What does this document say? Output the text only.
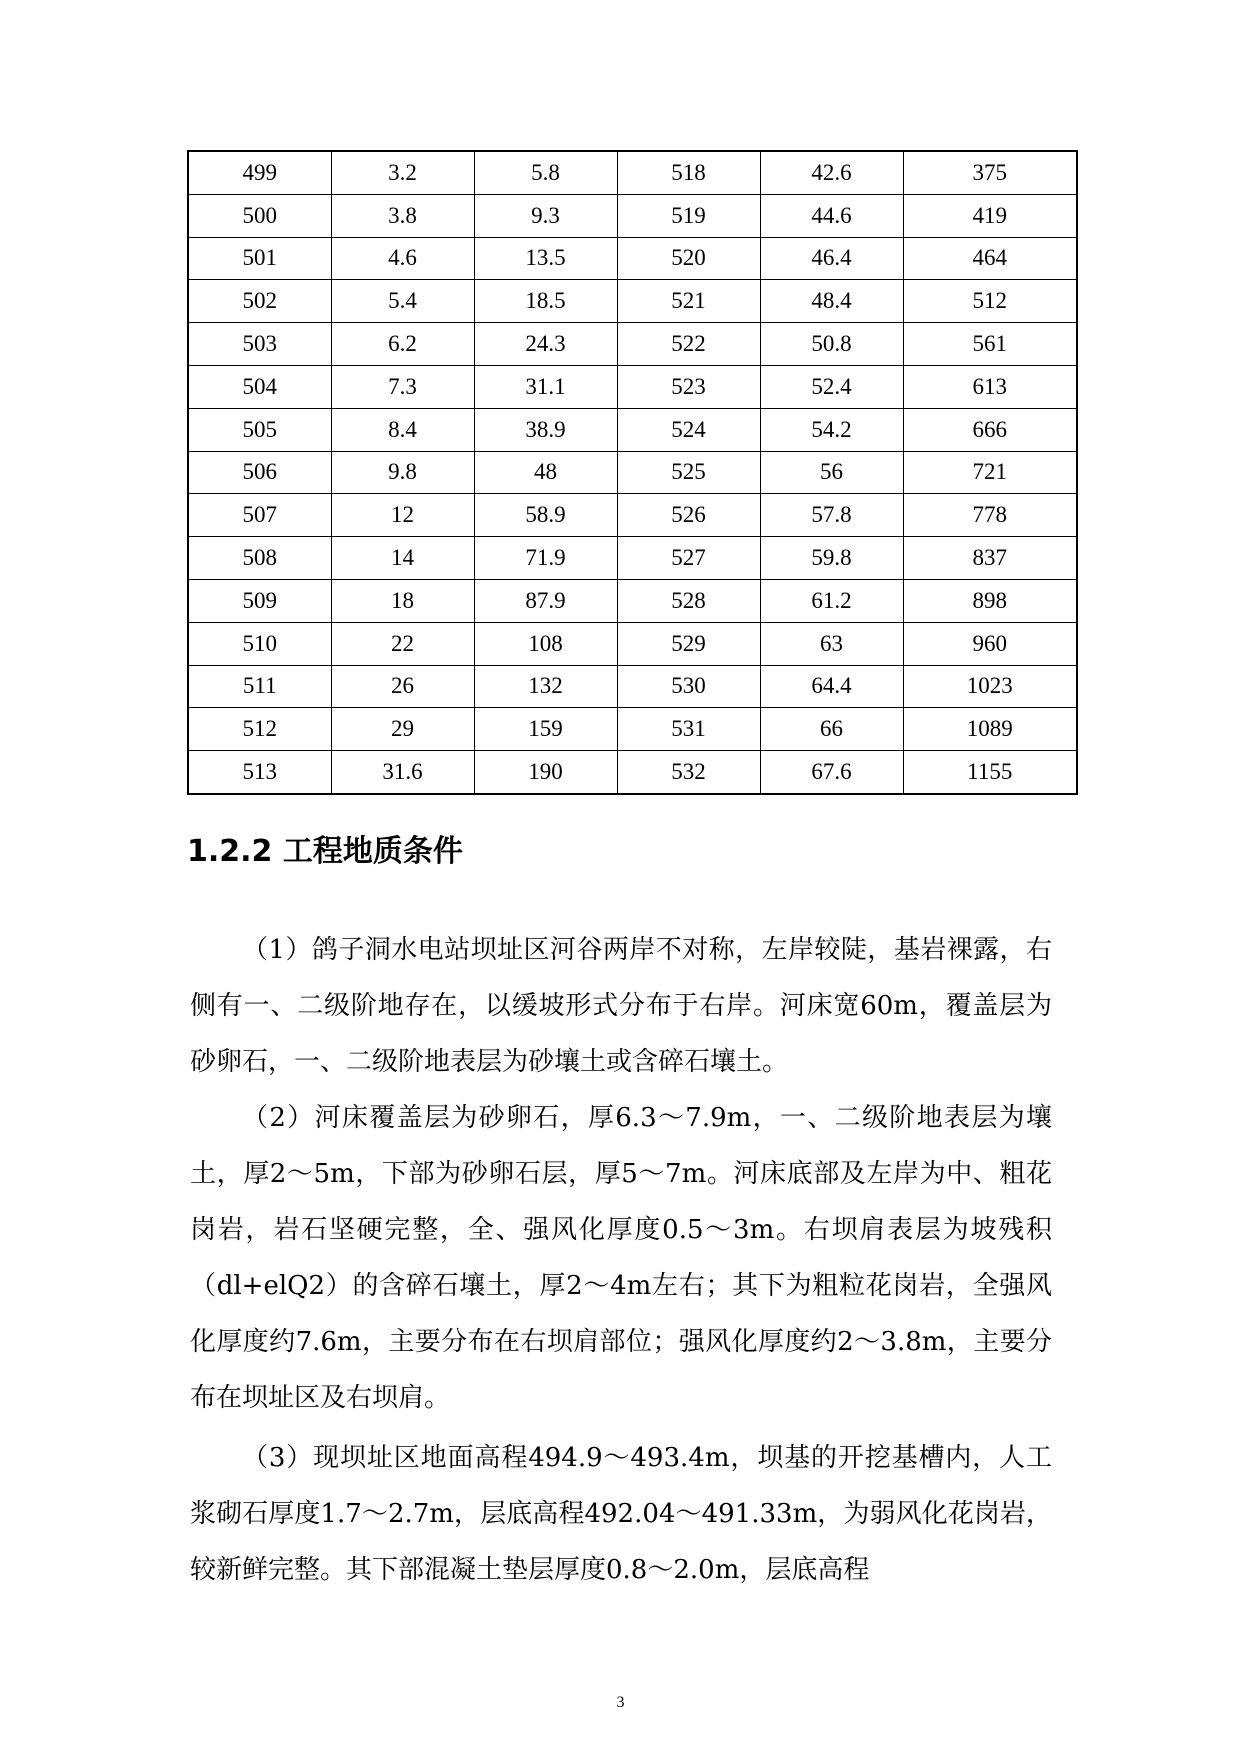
499	3.2	5.8	518	42.6	375
500	3.8	9.3	519	44.6	419
501	4.6	13.5	520	46.4	464
502	5.4	18.5	521	48.4	512
503	6.2	24.3	522	50.8	561
504	7.3	31.1	523	52.4	613
505	8.4	38.9	524	54.2	666
506	9.8	48	525	56	721
507	12	58.9	526	57.8	778
508	14	71.9	527	59.8	837
509	18	87.9	528	61.2	898
510	22	108	529	63	960
511	26	132	530	64.4	1023
512	29	159	531	66	1089
513	31.6	190	532	67.6	1155
1.2.2 工程地质条件

（1）鸽子洞水电站坝址区河谷两岸不对称，左岸较陡，基岩裸露，右侧有一、二级阶地存在，以缓坡形式分布于右岸。河床宽60m，覆盖层为砂卵石，一、二级阶地表层为砂壤土或含碎石壤土。

（2）河床覆盖层为砂卵石，厚6.3～7.9m，一、二级阶地表层为壤土，厚2～5m，下部为砂卵石层，厚5～7m。河床底部及左岸为中、粗花岗岩，岩石坚硬完整，全、强风化厚度0.5～3m。右坝肩表层为坡残积（dl+elQ2）的含碎石壤土，厚2～4m左右；其下为粗粒花岗岩，全强风化厚度约7.6m，主要分布在右坝肩部位；强风化厚度约2～3.8m，主要分布在坝址区及右坝肩。

（3）现坝址区地面高程494.9～493.4m，坝基的开挖基槽内，人工浆砌石厚度1.7～2.7m，层底高程492.04～491.33m，为弱风化花岗岩，较新鲜完整。其下部混凝土垫层厚度0.8～2.0m，层底高程

3
